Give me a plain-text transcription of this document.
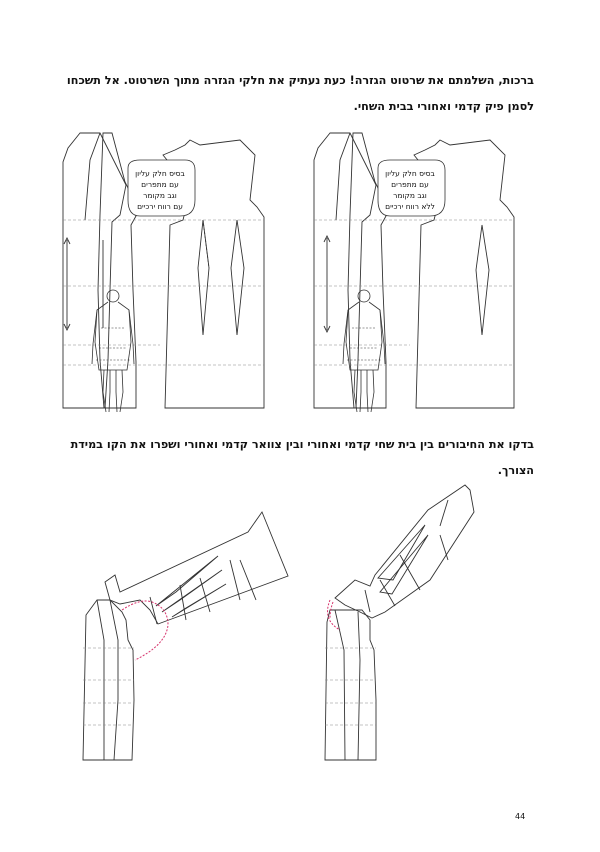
ברכות, השלמתם את שרטוט הגזרה! כעת נעתיק את חלקי הגזרה מתוך השרטוט. אל תשכחו לסמן פיק קדמי ואחורי בבית השחי.
בסיס חלק עליון
עם מתפרים
וגב מקומר
עם רווח ירכיים
בסיס חלק עליון
עם מתפרים
וגב מקומר
ללא רווח ירכיים
בדקו את החיבורים בין בית שחי קדמי ואחורי ובין צוואר קדמי ואחורי ושפרו את הקו במידת הצורך.
44
